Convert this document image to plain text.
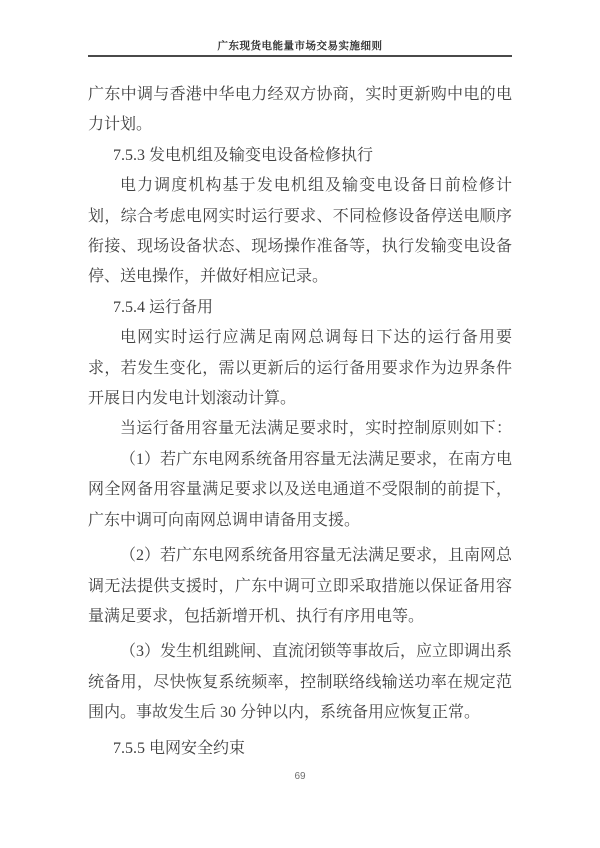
广东现货电能量市场交易实施细则
广东中调与香港中华电力经双方协商，实时更新购中电的电
力计划。
7.5.3 发电机组及输变电设备检修执行
电力调度机构基于发电机组及输变电设备日前检修计
划，综合考虑电网实时运行要求、不同检修设备停送电顺序
衔接、现场设备状态、现场操作准备等，执行发输变电设备
停、送电操作，并做好相应记录。
7.5.4 运行备用
电网实时运行应满足南网总调每日下达的运行备用要
求，若发生变化，需以更新后的运行备用要求作为边界条件
开展日内发电计划滚动计算。
当运行备用容量无法满足要求时，实时控制原则如下：
（1）若广东电网系统备用容量无法满足要求，在南方电
网全网备用容量满足要求以及送电通道不受限制的前提下，
广东中调可向南网总调申请备用支援。
（2）若广东电网系统备用容量无法满足要求，且南网总
调无法提供支援时，广东中调可立即采取措施以保证备用容
量满足要求，包括新增开机、执行有序用电等。
（3）发生机组跳闸、直流闭锁等事故后，应立即调出系
统备用，尽快恢复系统频率，控制联络线输送功率在规定范
围内。事故发生后 30 分钟以内，系统备用应恢复正常。
7.5.5 电网安全约束
69
